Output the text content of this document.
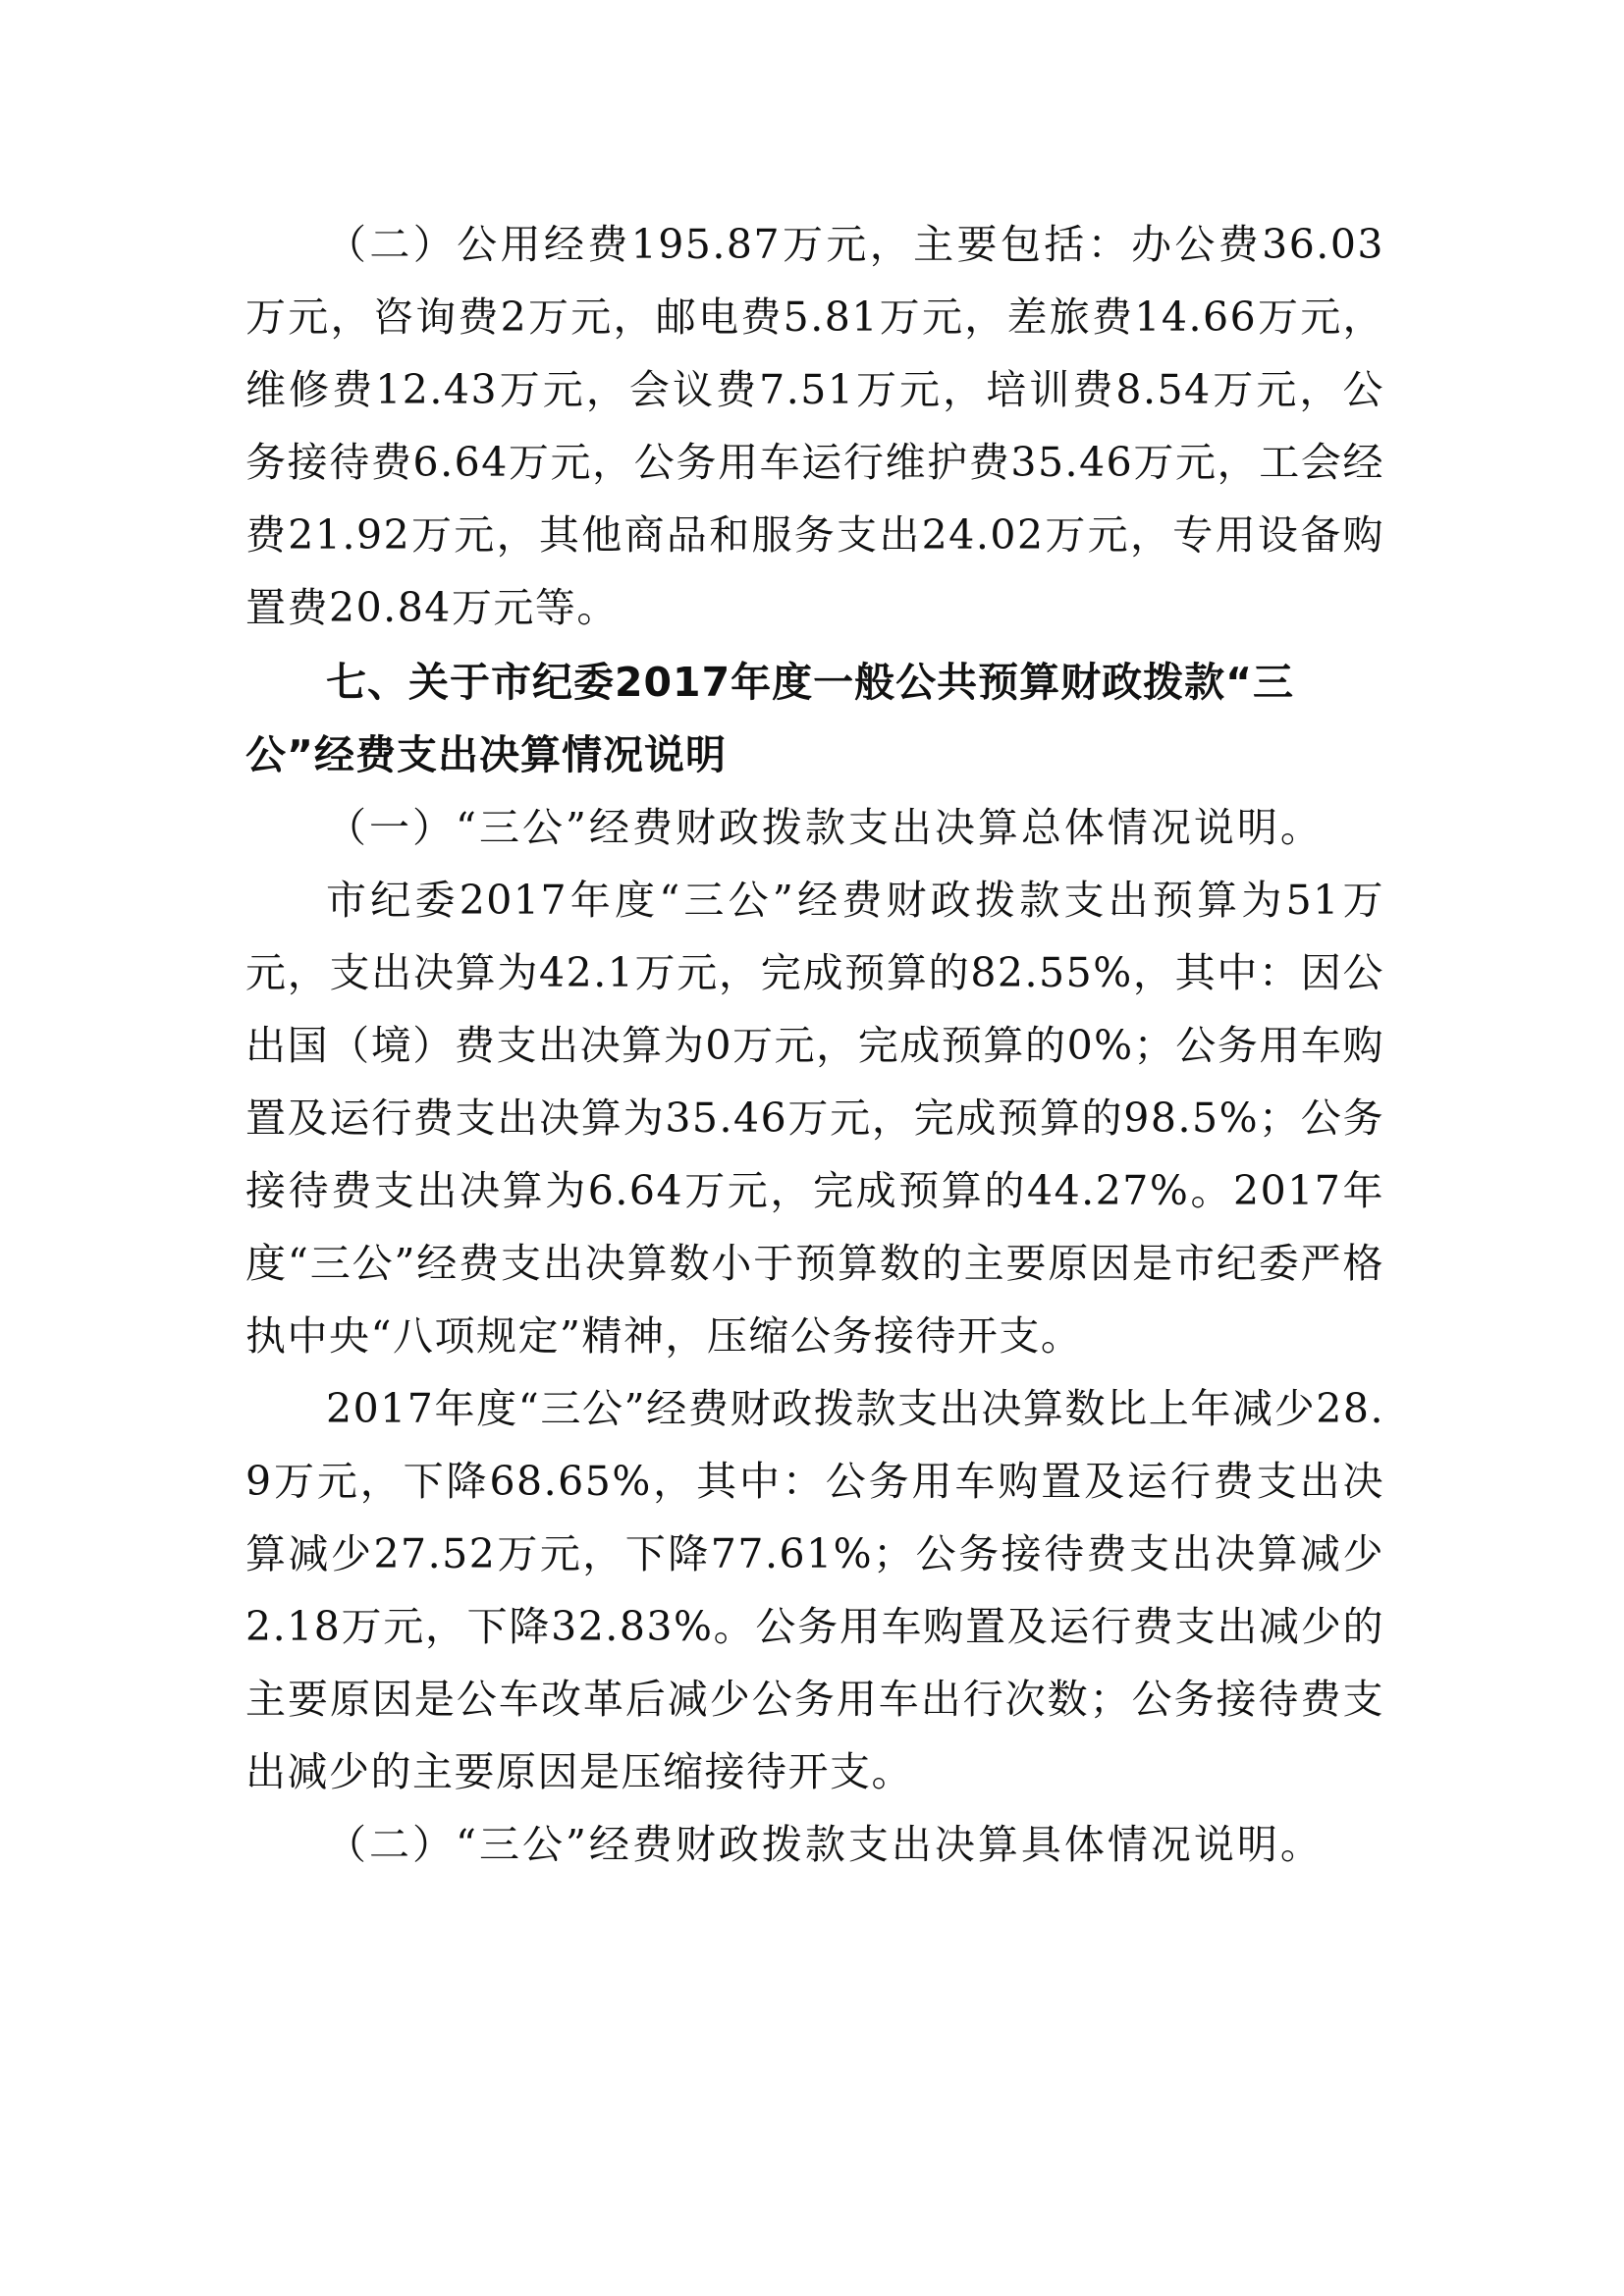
（二）公用经费195.87万元，主要包括：办公费36.03万元，咨询费2万元，邮电费5.81万元，差旅费14.66万元，维修费12.43万元，会议费7.51万元，培训费8.54万元，公务接待费6.64万元，公务用车运行维护费35.46万元，工会经费21.92万元，其他商品和服务支出24.02万元，专用设备购置费20.84万元等。

七、关于市纪委2017年度一般公共预算财政拨款“三公”经费支出决算情况说明

（一）“三公”经费财政拨款支出决算总体情况说明。

市纪委2017年度“三公”经费财政拨款支出预算为51万元，支出决算为42.1万元，完成预算的82.55%，其中：因公出国（境）费支出决算为0万元，完成预算的0%；公务用车购置及运行费支出决算为35.46万元，完成预算的98.5%；公务接待费支出决算为6.64万元，完成预算的44.27%。2017年度“三公”经费支出决算数小于预算数的主要原因是市纪委严格执中央“八项规定”精神，压缩公务接待开支。

2017年度“三公”经费财政拨款支出决算数比上年减少28.9万元，下降68.65%，其中：公务用车购置及运行费支出决算减少27.52万元，下降77.61%；公务接待费支出决算减少2.18万元，下降32.83%。公务用车购置及运行费支出减少的主要原因是公车改革后减少公务用车出行次数；公务接待费支出减少的主要原因是压缩接待开支。

（二）“三公”经费财政拨款支出决算具体情况说明。
